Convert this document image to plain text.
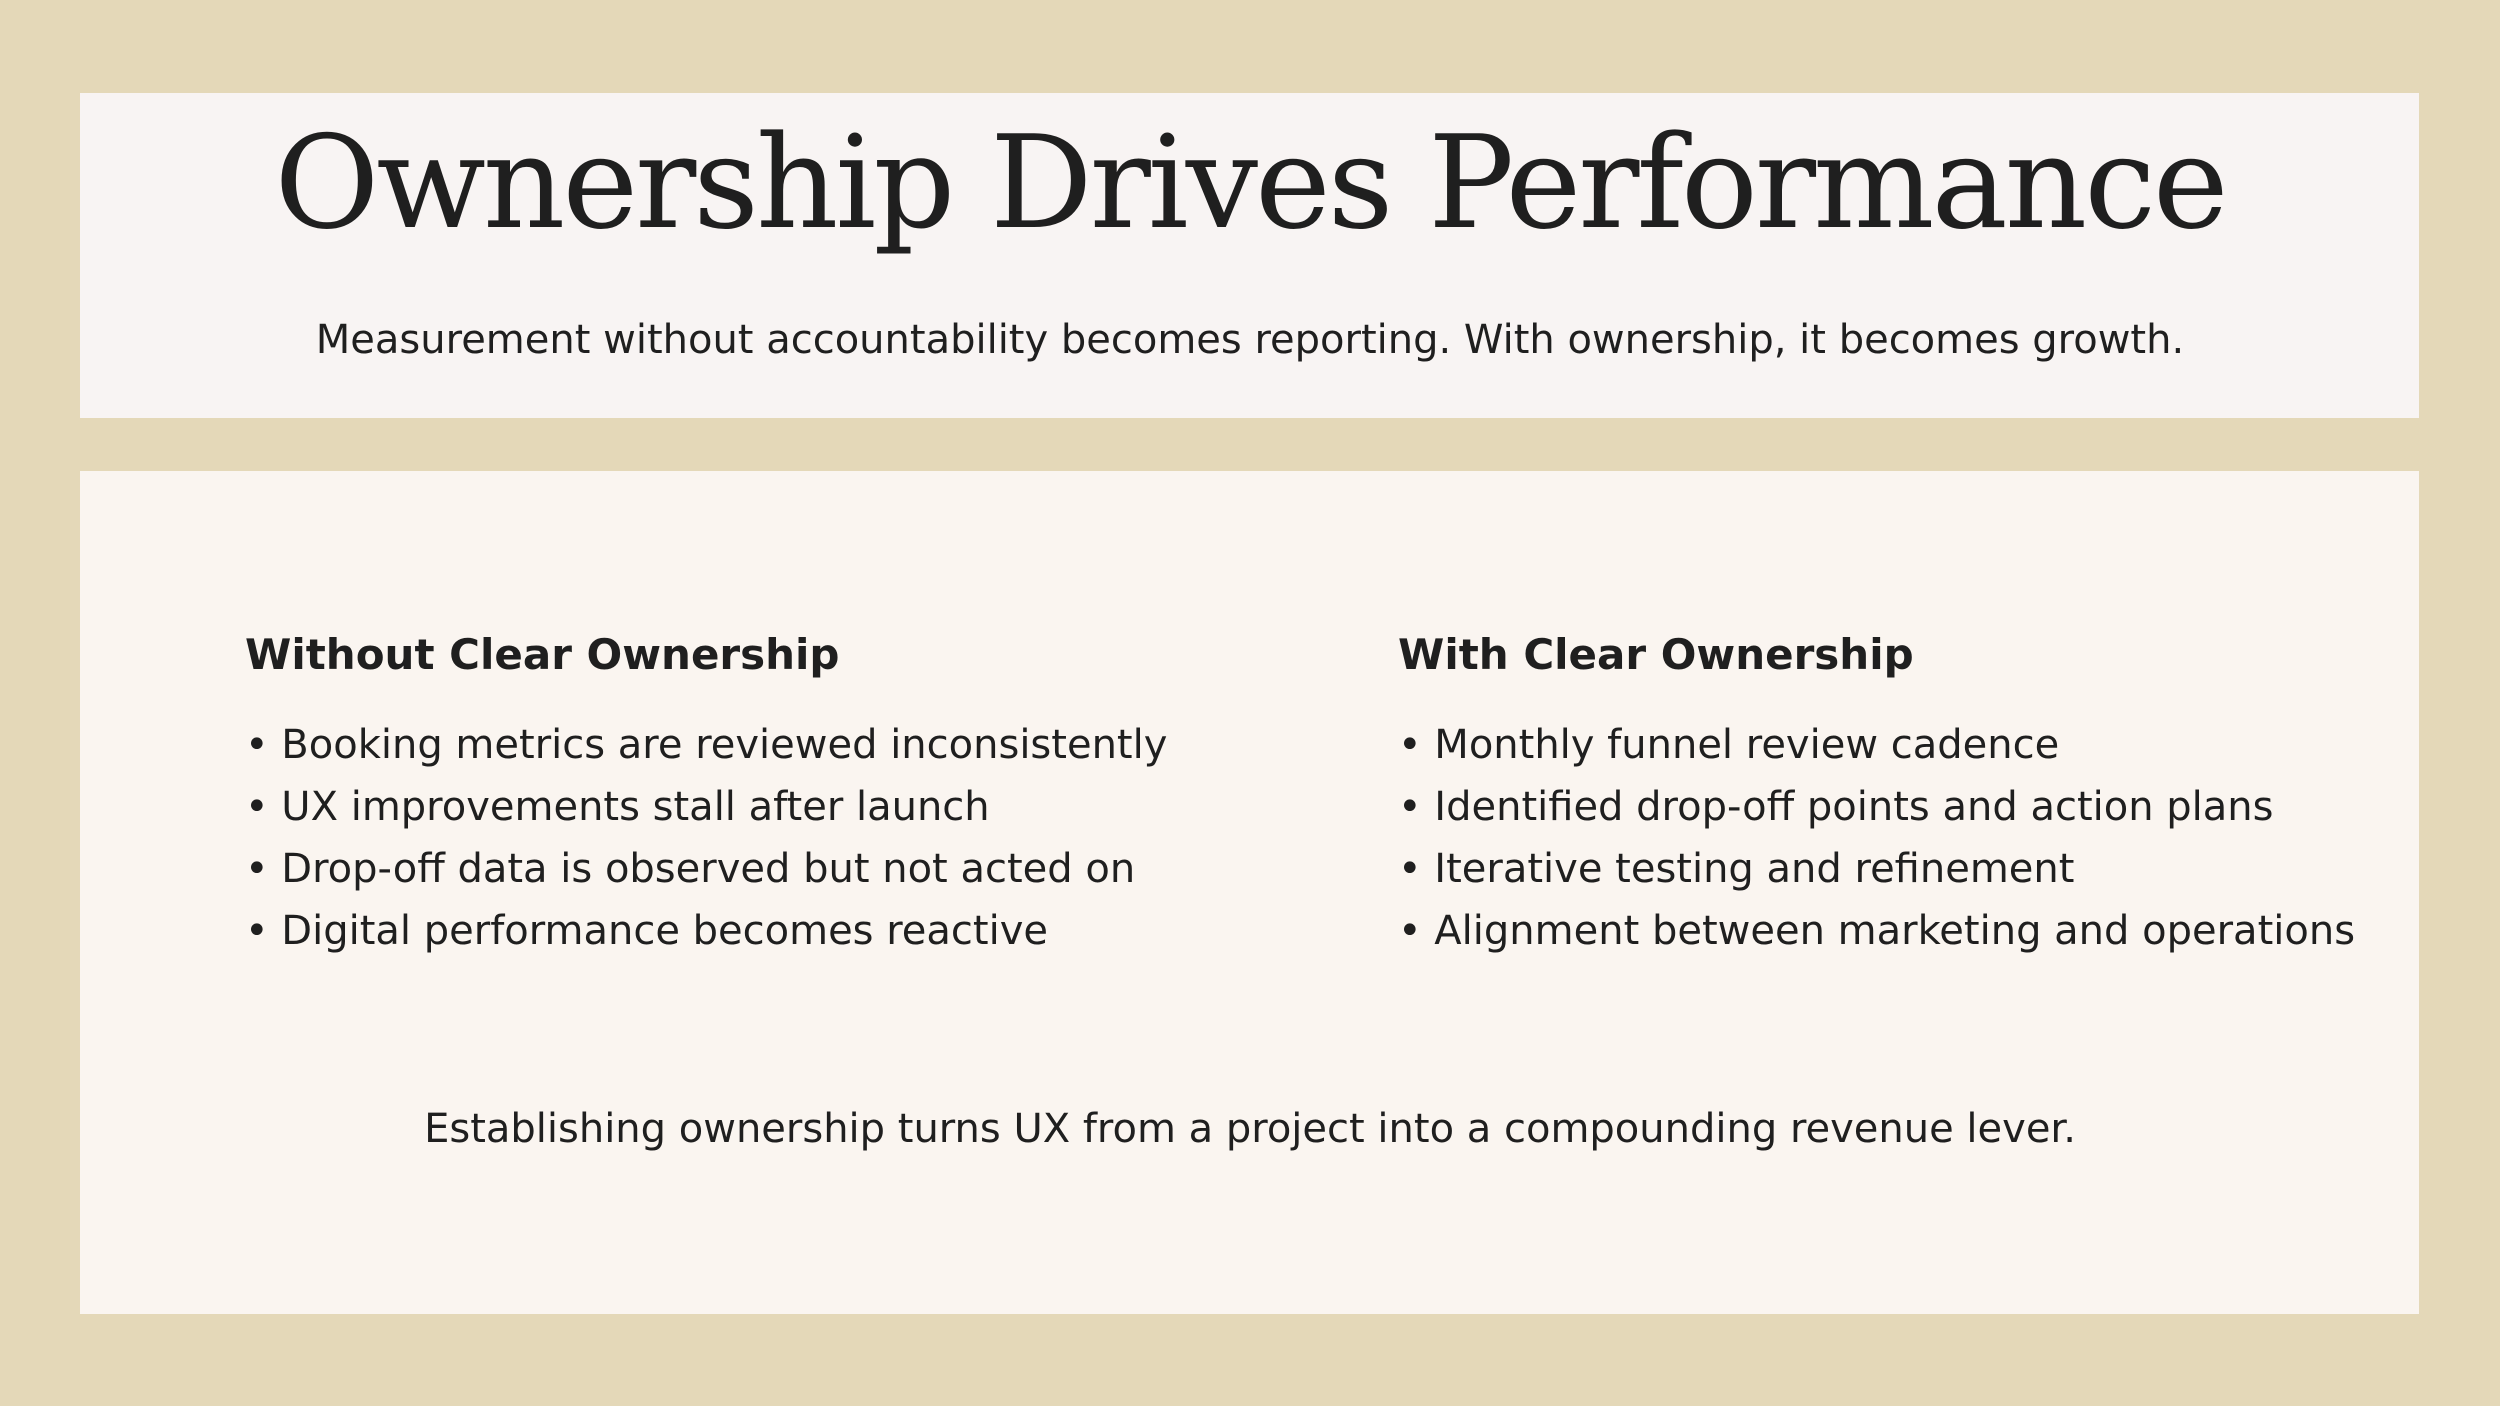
Ownership Drives Performance

Measurement without accountability becomes reporting. With ownership, it becomes growth.

Without Clear Ownership
• Booking metrics are reviewed inconsistently
• UX improvements stall after launch
• Drop-off data is observed but not acted on
• Digital performance becomes reactive
With Clear Ownership
• Monthly funnel review cadence
• Identified drop-off points and action plans
• Iterative testing and refinement
• Alignment between marketing and operations

Establishing ownership turns UX from a project into a compounding revenue lever.
